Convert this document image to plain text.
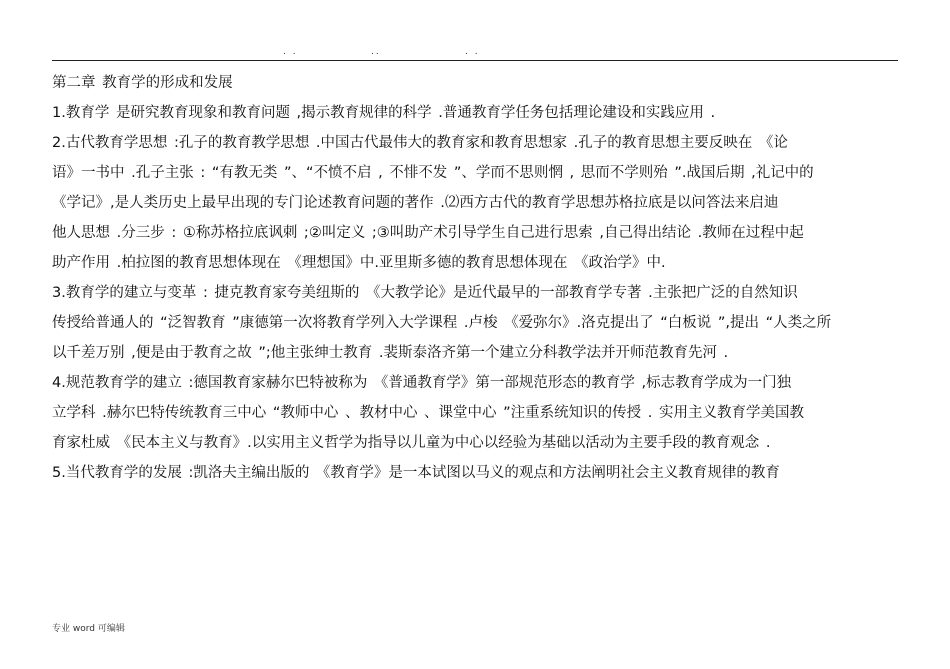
. .	..	. .
第二章 教育学的形成和发展
1.教育学 是研究教育现象和教育问题 ,揭示教育规律的科学 .普通教育学任务包括理论建设和实践应用 .
2.古代教育学思想 :孔子的教育教学思想 .中国古代最伟大的教育家和教育思想家 .孔子的教育思想主要反映在 《论
语》一书中 .孔子主张 : “有教无类 ”、“不愤不启 , 不悱不发 ”、学而不思则惘 , 思而不学则殆 ”.战国后期 ,礼记中的
《学记》,是人类历史上最早出现的专门论述教育问题的著作 .⑵西方古代的教育学思想苏格拉底是以问答法来启迪
他人思想 .分三步 : ①称苏格拉底讽刺 ;②叫定义 ;③叫助产术引导学生自己进行思索 ,自己得出结论 .教师在过程中起
助产作用 .柏拉图的教育思想体现在 《理想国》中.亚里斯多德的教育思想体现在 《政治学》中.
3.教育学的建立与变革 : 捷克教育家夸美纽斯的 《大教学论》是近代最早的一部教育学专著 .主张把广泛的自然知识
传授给普通人的 “泛智教育 ”康德第一次将教育学列入大学课程 .卢梭 《爱弥尔》.洛克提出了 “白板说 ”,提出 “人类之所
以千差万别 ,便是由于教育之故 ”;他主张绅士教育 .裴斯泰洛齐第一个建立分科教学法并开师范教育先河 .
4.规范教育学的建立 :德国教育家赫尔巴特被称为 《普通教育学》第一部规范形态的教育学 ,标志教育学成为一门独
立学科 .赫尔巴特传统教育三中心 “教师中心 、教材中心 、课堂中心 ”注重系统知识的传授 . 实用主义教育学美国教
育家杜威 《民本主义与教育》.以实用主义哲学为指导以儿童为中心以经验为基础以活动为主要手段的教育观念 .
5.当代教育学的发展 :凯洛夫主编出版的 《教育学》是一本试图以马义的观点和方法阐明社会主义教育规律的教育
专业 word 可编辑
